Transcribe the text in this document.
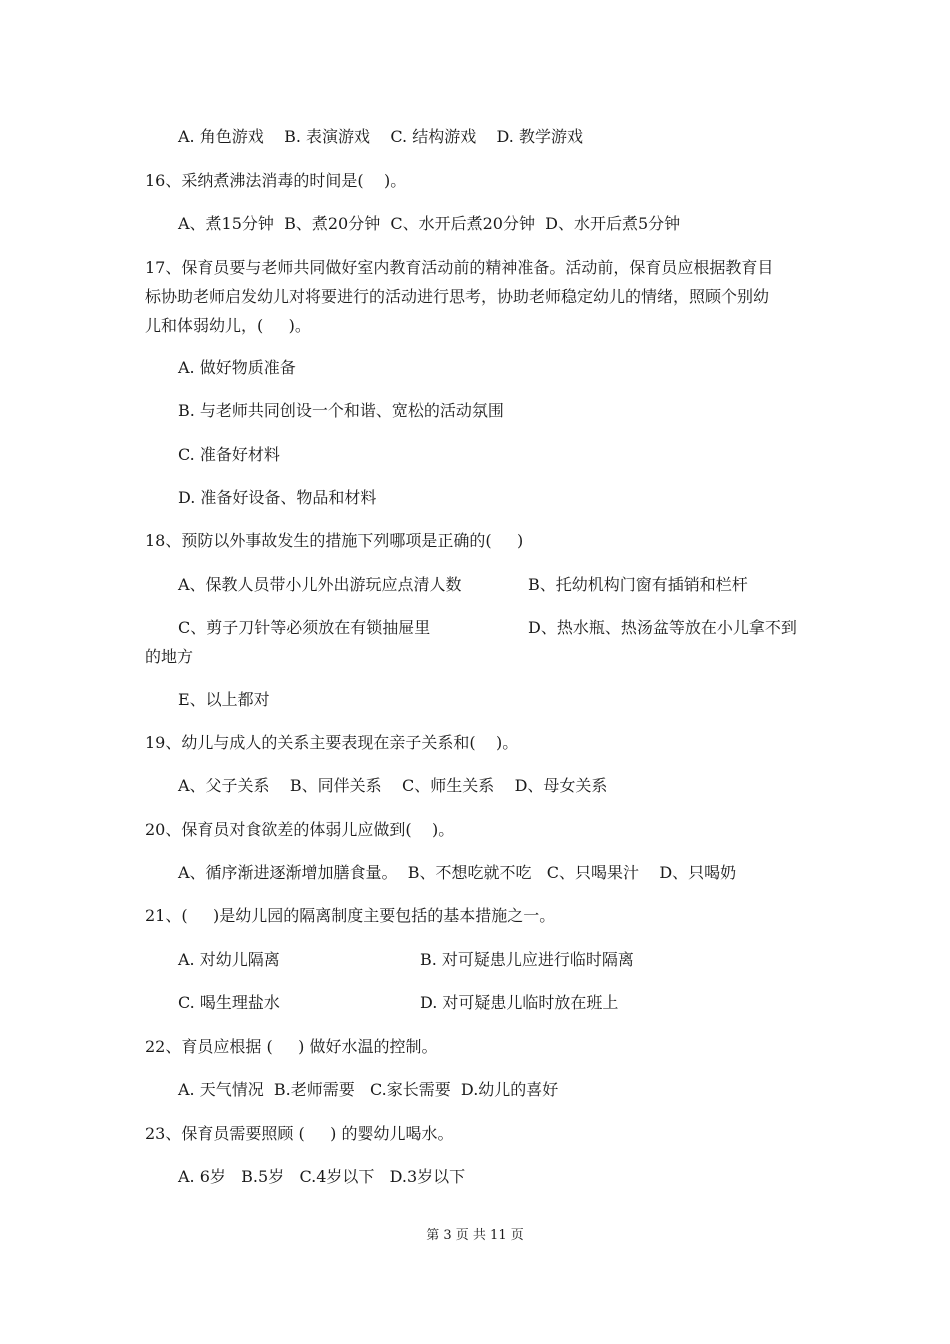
A. 角色游戏    B. 表演游戏    C. 结构游戏    D. 教学游戏
16、采纳煮沸法消毒的时间是(    )。
A、煮15分钟  B、煮20分钟  C、水开后煮20分钟  D、水开后煮5分钟
17、保育员要与老师共同做好室内教育活动前的精神准备。活动前，保育员应根据教育目
标协助老师启发幼儿对将要进行的活动进行思考，协助老师稳定幼儿的情绪，照顾个别幼
儿和体弱幼儿，(     )。
A. 做好物质准备
B. 与老师共同创设一个和谐、宽松的活动氛围
C. 准备好材料
D. 准备好设备、物品和材料
18、预防以外事故发生的措施下列哪项是正确的(     )
A、保教人员带小儿外出游玩应点清人数	B、托幼机构门窗有插销和栏杆
C、剪子刀针等必须放在有锁抽屉里	D、热水瓶、热汤盆等放在小儿拿不到
的地方
E、以上都对
19、幼儿与成人的关系主要表现在亲子关系和(    )。
A、父子关系    B、同伴关系    C、师生关系    D、母女关系
20、保育员对食欲差的体弱儿应做到(    )。
A、循序渐进逐渐增加膳食量。  B、不想吃就不吃   C、只喝果汁    D、只喝奶
21、(     )是幼儿园的隔离制度主要包括的基本措施之一。
A. 对幼儿隔离	B. 对可疑患儿应进行临时隔离
C. 喝生理盐水	D. 对可疑患儿临时放在班上
22、育员应根据 (     ) 做好水温的控制。
A. 天气情况  B.老师需要   C.家长需要  D.幼儿的喜好
23、保育员需要照顾 (     ) 的婴幼儿喝水。
A. 6岁   B.5岁   C.4岁以下   D.3岁以下
第 3 页 共 11 页
